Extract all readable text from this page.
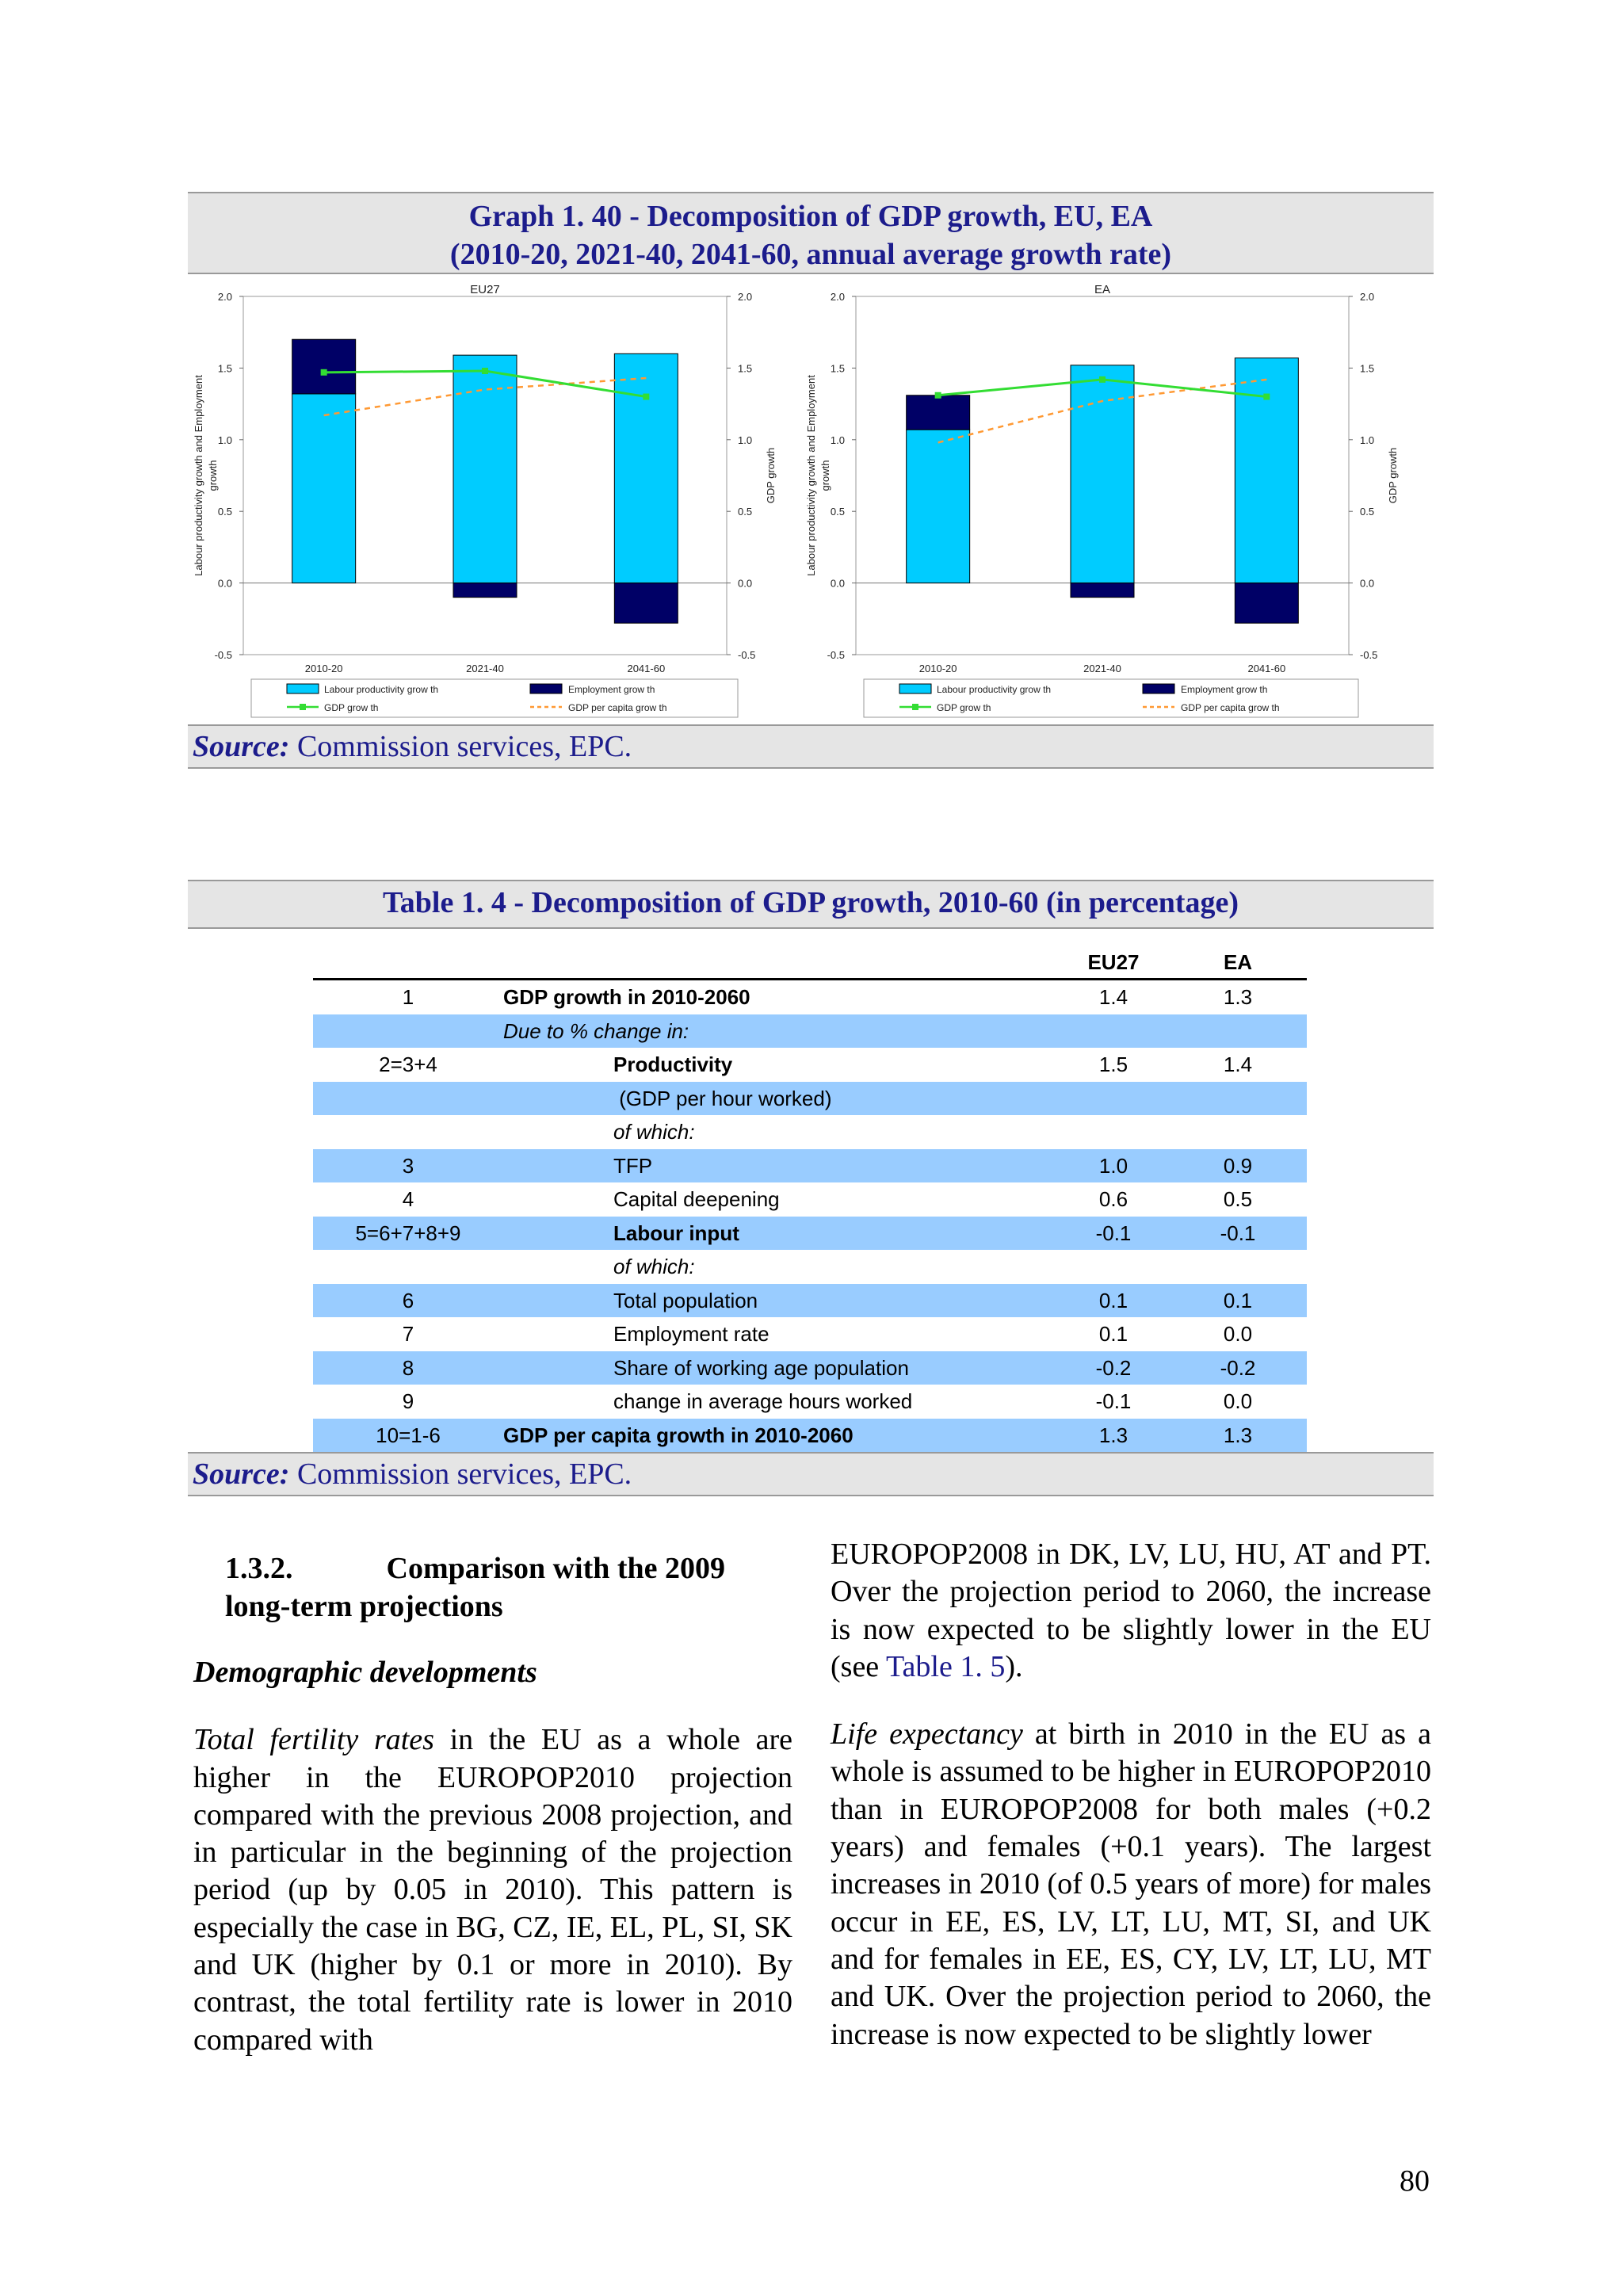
Graph 1. 40 - Decomposition of GDP growth, EU, EA
(2010-20, 2021-40, 2041-60, annual average growth rate)
EU27
2.0	2.0
1.5	1.5
1.0	1.0
0.5	0.5
0.0	0.0
-0.5	-0.5
Labour productivity growth and Employment growth	GDP growth
2010-20	2021-40	2041-60
Labour productivity grow th	Employment grow th
GDP grow th	GDP per capita grow th
EA
2.0	2.0
1.5	1.5
1.0	1.0
0.5	0.5
0.0	0.0
-0.5	-0.5
Labour productivity growth and Employment growth	GDP growth
2010-20	2021-40	2041-60
Labour productivity grow th	Employment grow th
GDP grow th	GDP per capita grow th
Source: Commission services, EPC.
Table 1. 4 - Decomposition of GDP growth, 2010-60 (in percentage)
EU27	EA
1	GDP growth in 2010-2060	1.4	1.3
Due to % change in:
2=3+4	Productivity	1.5	1.4
(GDP per hour worked)
of which:
3	TFP	1.0	0.9
4	Capital deepening	0.6	0.5
5=6+7+8+9	Labour input	-0.1	-0.1
of which:
6	Total population	0.1	0.1
7	Employment rate	0.1	0.0
8	Share of working age population	-0.2	-0.2
9	change in average hours worked	-0.1	0.0
10=1-6	GDP per capita growth in 2010-2060	1.3	1.3
Source: Commission services, EPC.
1.3.2.	Comparison with the 2009
long-term projections

Demographic developments

Total fertility rates in the EU as a whole are higher in the EUROPOP2010 projection compared with the previous 2008 projection, and in particular in the beginning of the projection period (up by 0.05 in 2010). This pattern is especially the case in BG, CZ, IE, EL, PL, SI, SK and UK (higher by 0.1 or more in 2010). By contrast, the total fertility rate is lower in 2010 compared with

EUROPOP2008 in DK, LV, LU, HU, AT and PT. Over the projection period to 2060, the increase is now expected to be slightly lower in the EU (see Table 1. 5).

Life expectancy at birth in 2010 in the EU as a whole is assumed to be higher in EUROPOP2010 than in EUROPOP2008 for both males (+0.2 years) and females (+0.1 years). The largest increases in 2010 (of 0.5 years of more) for males occur in EE, ES, LV, LT, LU, MT, SI, and UK and for females in EE, ES, CY, LV, LT, LU, MT and UK. Over the projection period to 2060, the increase is now expected to be slightly lower

80
